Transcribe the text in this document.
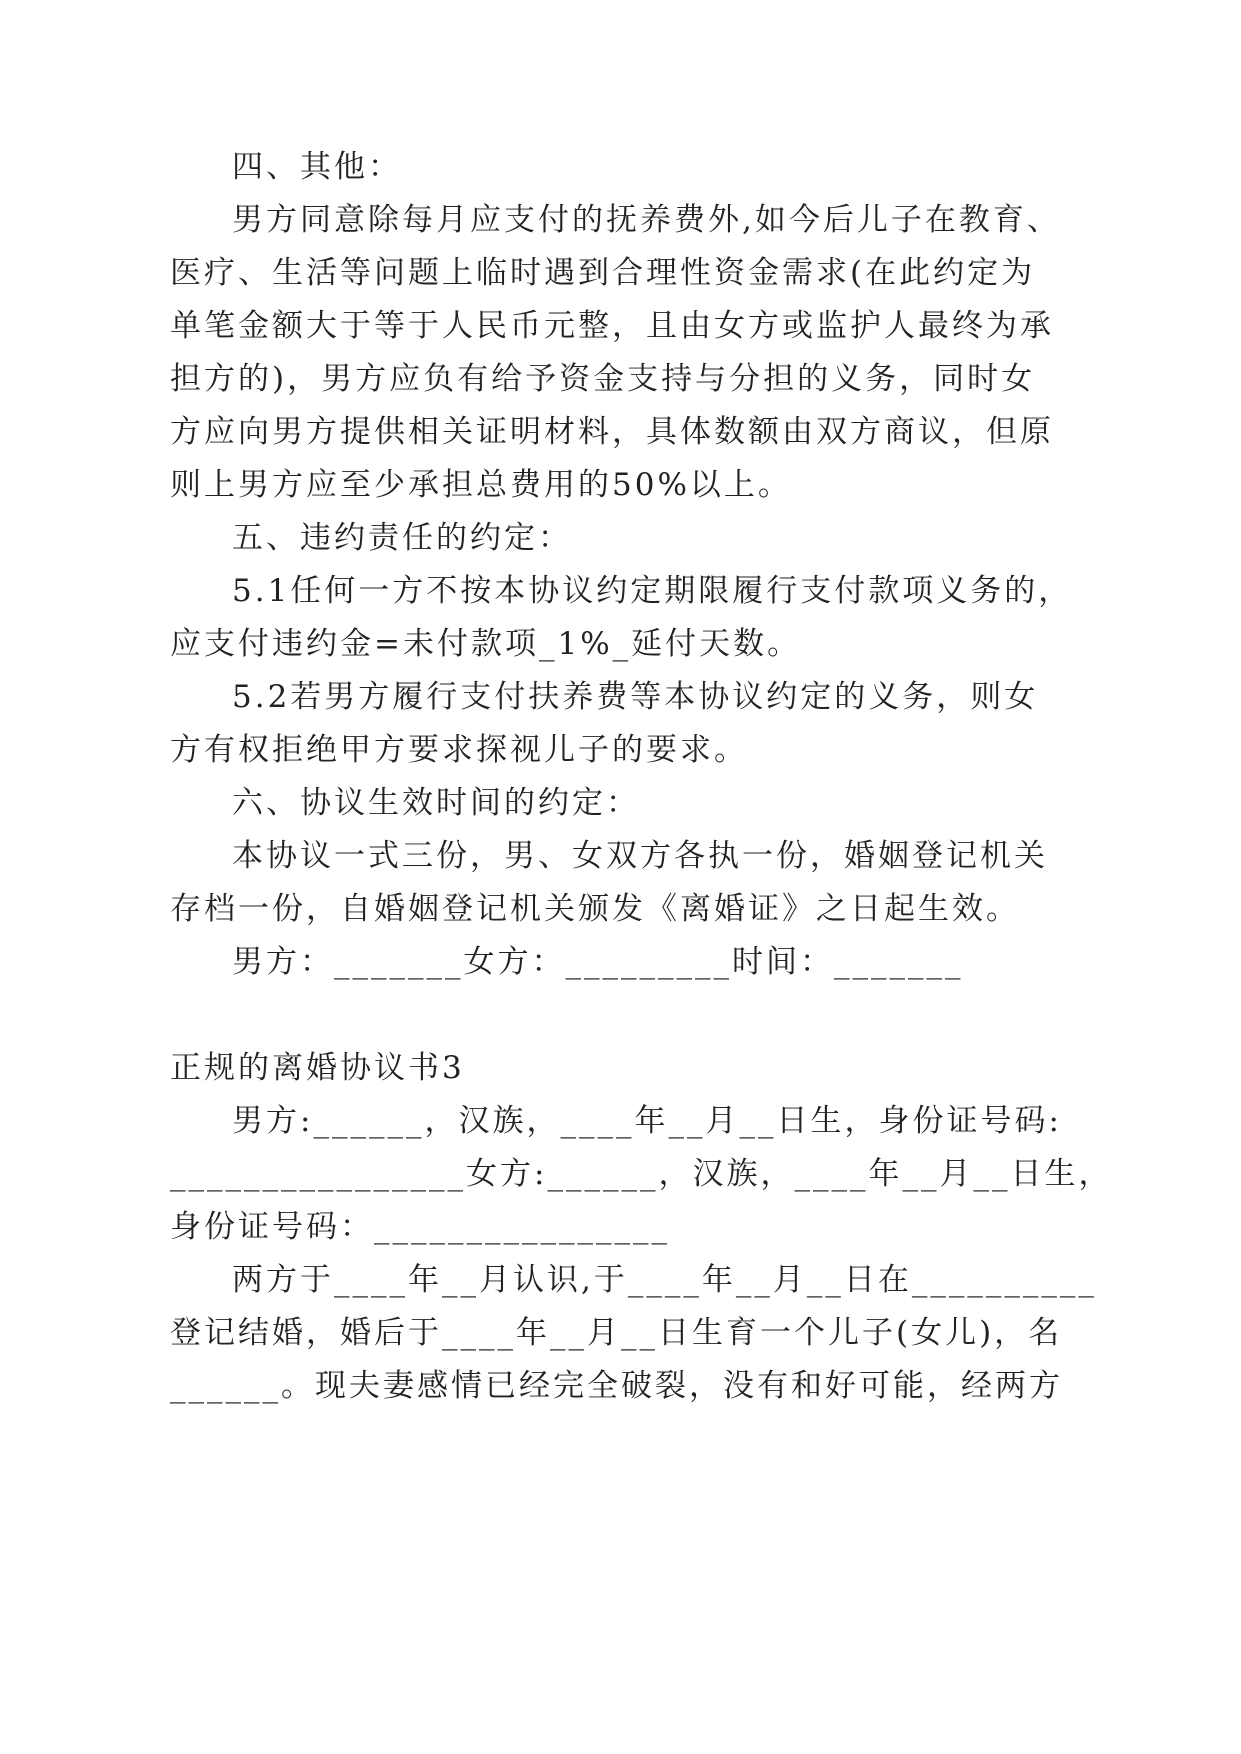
四、其他：
男方同意除每月应支付的抚养费外,如今后儿子在教育、
医疗、生活等问题上临时遇到合理性资金需求(在此约定为
单笔金额大于等于人民币元整，且由女方或监护人最终为承
担方的)，男方应负有给予资金支持与分担的义务，同时女
方应向男方提供相关证明材料，具体数额由双方商议，但原
则上男方应至少承担总费用的50%以上。
五、违约责任的约定：
5.1任何一方不按本协议约定期限履行支付款项义务的，
应支付违约金=未付款项_1%_延付天数。
5.2若男方履行支付扶养费等本协议约定的义务，则女
方有权拒绝甲方要求探视儿子的要求。
六、协议生效时间的约定：
本协议一式三份，男、女双方各执一份，婚姻登记机关
存档一份，自婚姻登记机关颁发《离婚证》之日起生效。
男方：_______女方：_________时间：_______
正规的离婚协议书3
男方:______，汉族，____年__月__日生，身份证号码:
________________女方:______，汉族，____年__月__日生，
身份证号码：________________
两方于____年__月认识,于____年__月__日在__________
登记结婚，婚后于____年__月__日生育一个儿子(女儿)，名
______。现夫妻感情已经完全破裂，没有和好可能，经两方
